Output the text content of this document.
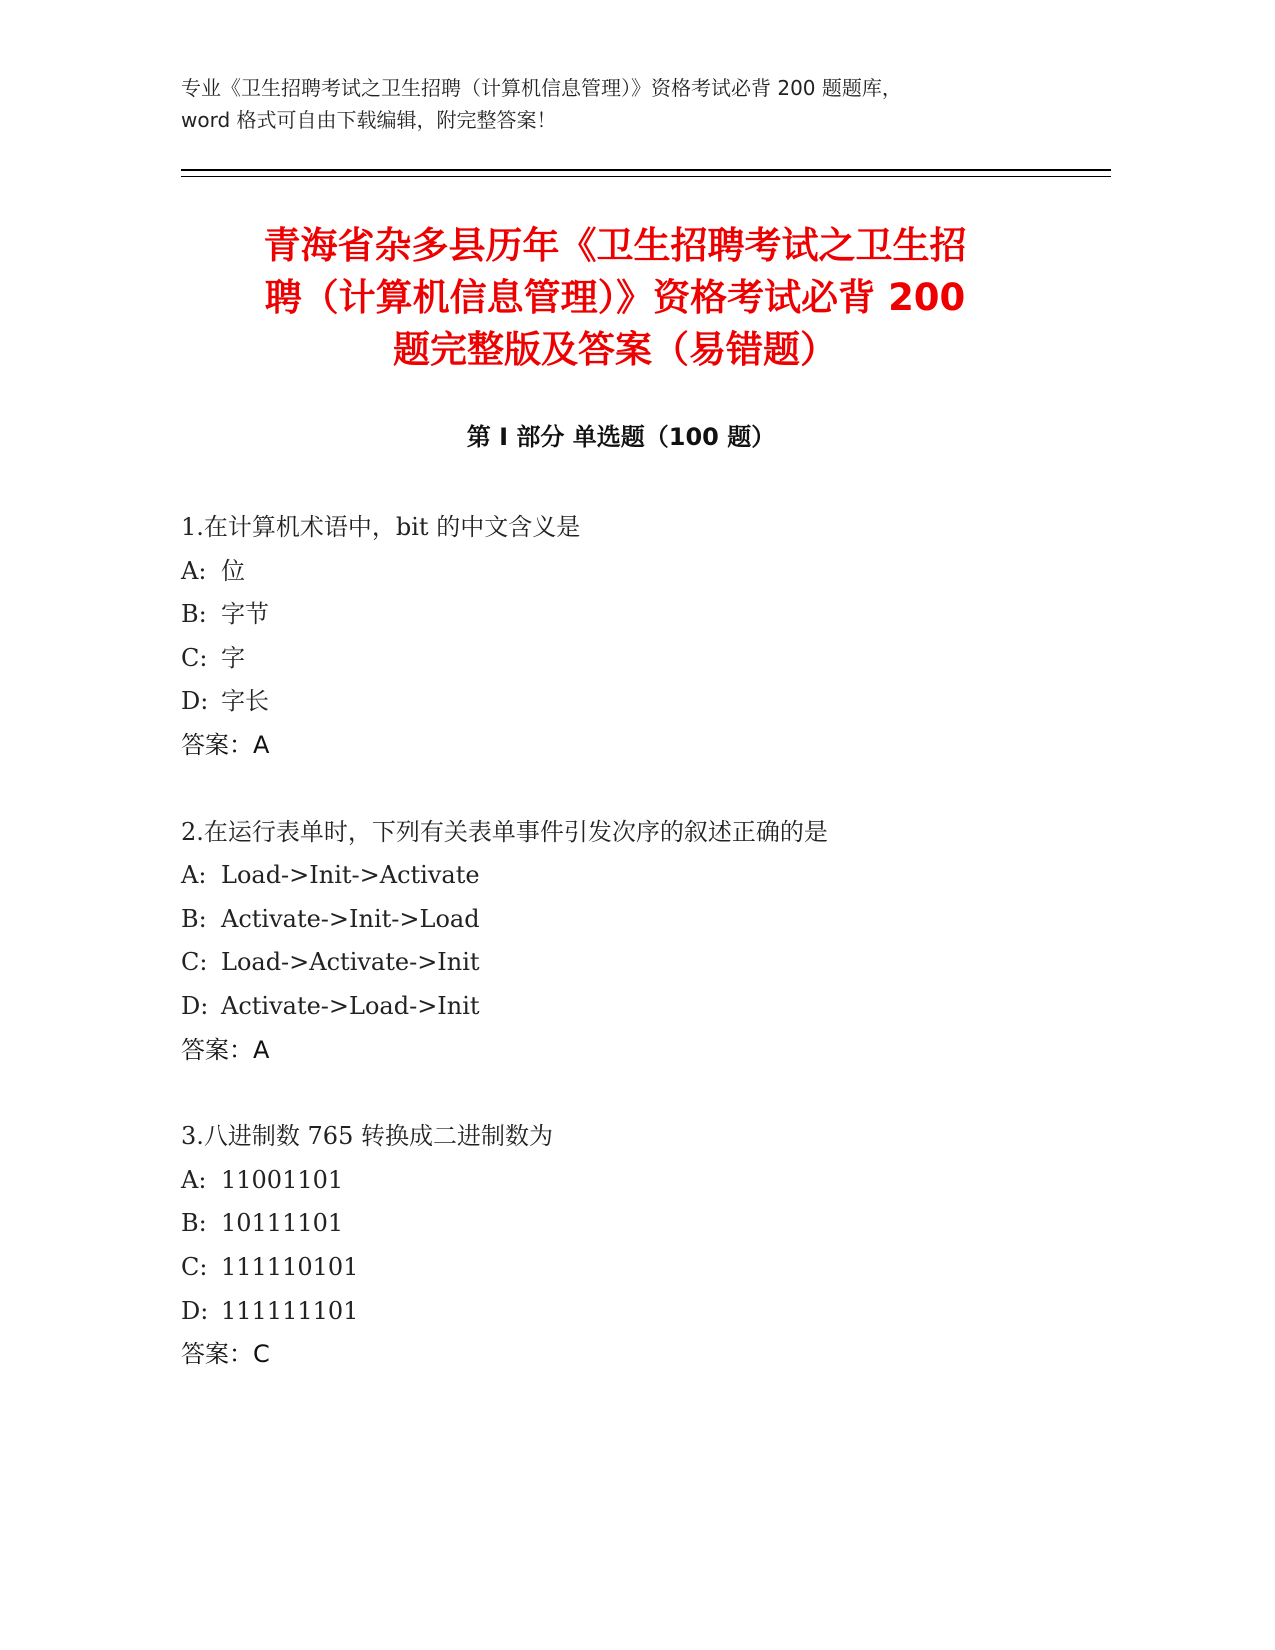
专业《卫生招聘考试之卫生招聘（计算机信息管理）》资格考试必背 200 题题库，
word 格式可自由下载编辑，附完整答案！
青海省杂多县历年《卫生招聘考试之卫生招
聘（计算机信息管理）》资格考试必背 200
题完整版及答案（易错题）
第 I 部分 单选题（100 题）
1.在计算机术语中，bit 的中文含义是
A: 位
B: 字节
C: 字
D: 字长
答案：A
2.在运行表单时，下列有关表单事件引发次序的叙述正确的是
A: Load->Init->Activate
B: Activate->Init->Load
C: Load->Activate->Init
D: Activate->Load->Init
答案：A
3.八进制数 765 转换成二进制数为
A: 11001101
B: 10111101
C: 111110101
D: 111111101
答案：C
